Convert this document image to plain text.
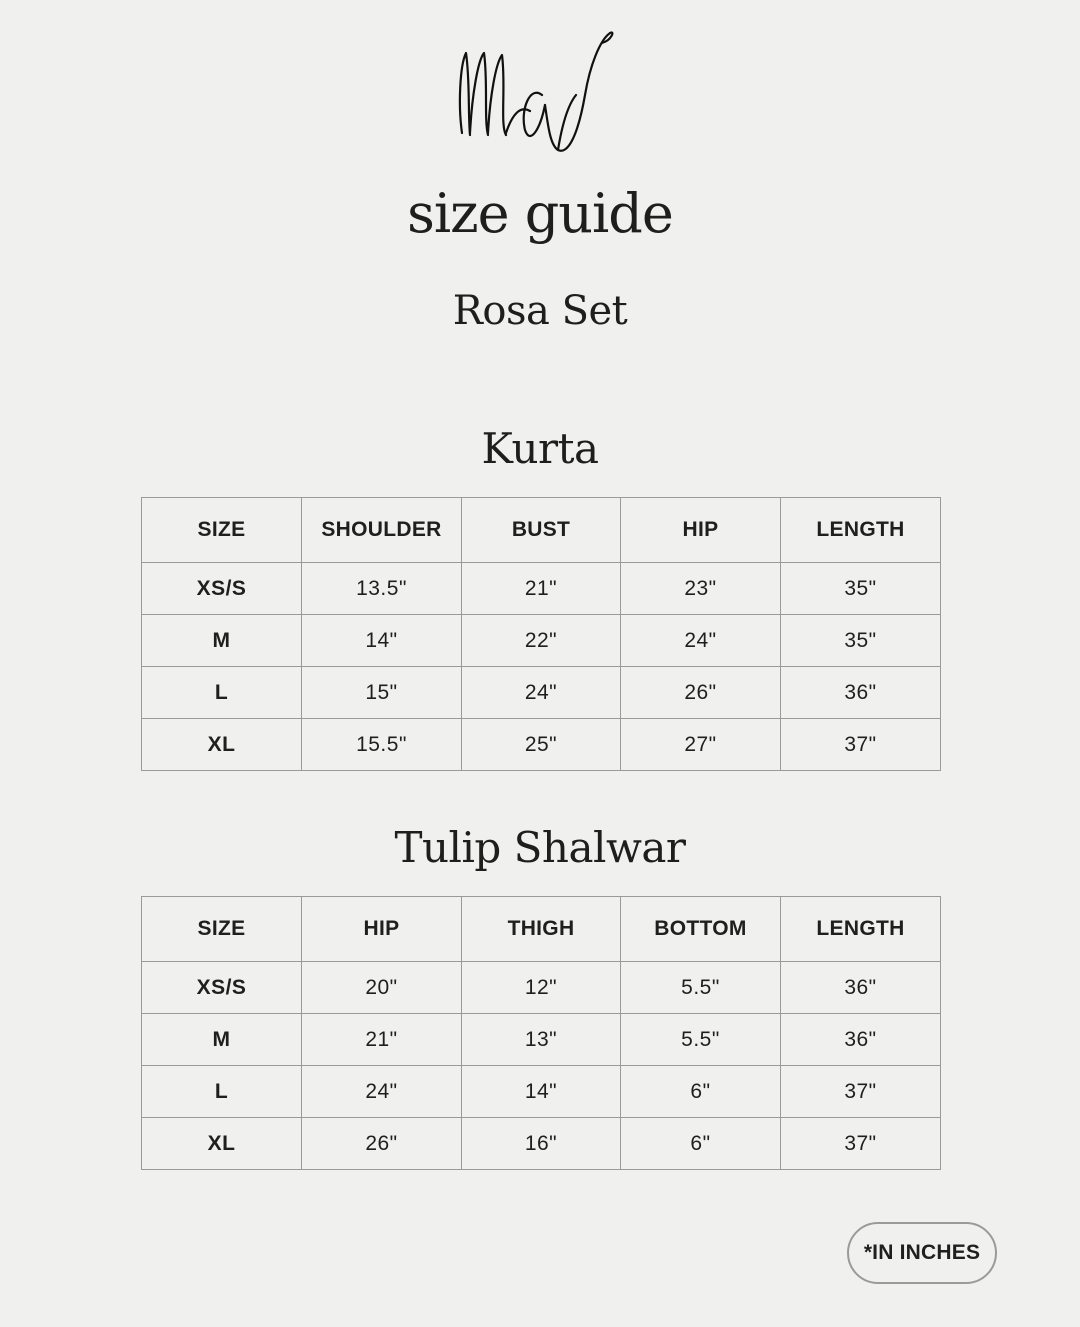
size guide
Rosa Set
Kurta
SIZE	SHOULDER	BUST	HIP	LENGTH
XS/S	13.5"	21"	23"	35"
M	14"	22"	24"	35"
L	15"	24"	26"	36"
XL	15.5"	25"	27"	37"
Tulip Shalwar
SIZE	HIP	THIGH	BOTTOM	LENGTH
XS/S	20"	12"	5.5"	36"
M	21"	13"	5.5"	36"
L	24"	14"	6"	37"
XL	26"	16"	6"	37"
*IN INCHES
